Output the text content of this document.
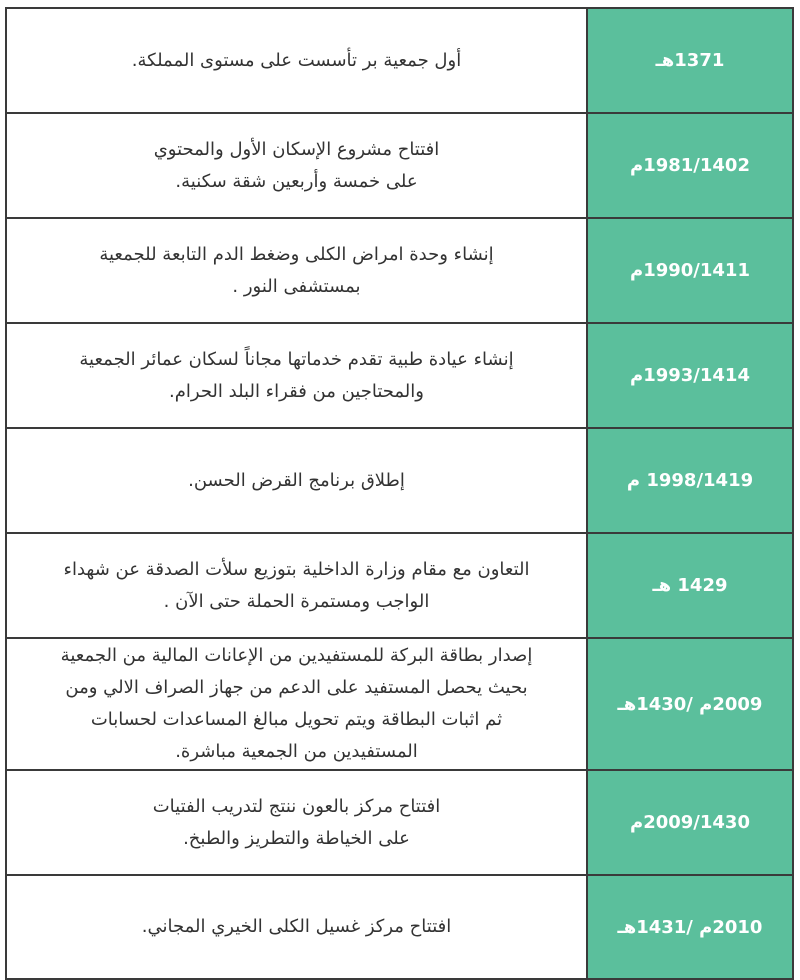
1371هـ	أول جمعية بر تأسست على مستوى المملكة.

1981/1402م	افتتاح مشروع الإسكان الأول والمحتوي
على خمسة وأربعين شقة سكنية.

1990/1411م	إنشاء وحدة امراض الكلى وضغط الدم التابعة للجمعية
بمستشفى النور .

1993/1414م	إنشاء عيادة طبية تقدم خدماتها مجاناً لسكان عمائر الجمعية
والمحتاجين من فقراء البلد الحرام.

1998/1419 م	إطلاق برنامج القرض الحسن.

1429 هـ	التعاون مع مقام وزارة الداخلية بتوزيع سلأت الصدقة عن شهداء
الواجب ومستمرة الحملة حتى الآن .

2009م /1430هـ	إصدار بطاقة البركة للمستفيدين من الإعانات المالية من الجمعية
بحيث يحصل المستفيد على الدعم من جهاز الصراف الالي ومن
ثم اثبات البطاقة ويتم تحويل مبالغ المساعدات لحسابات
المستفيدين من الجمعية مباشرة.

2009/1430م	افتتاح مركز بالعون ننتج لتدريب الفتيات
على الخياطة والتطريز والطبخ.

2010م /1431هـ	افتتاح مركز غسيل الكلى الخيري المجاني.
